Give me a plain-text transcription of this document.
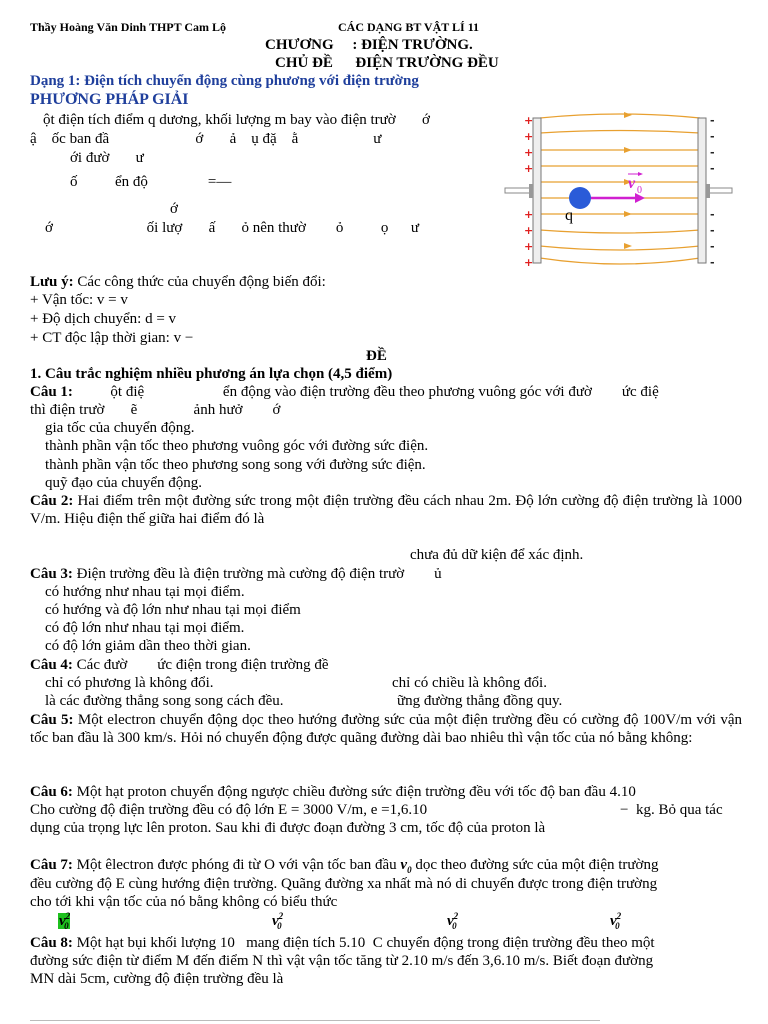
Thầy Hoàng Văn Dinh THPT Cam Lộ	CÁC DẠNG BT VẬT LÍ 11
CHƯƠNG     : ĐIỆN TRƯỜNG.
CHỦ ĐỀ      ĐIỆN TRƯỜNG ĐỀU
Dạng 1: Điện tích chuyển động cùng phương với điện trường
PHƯƠNG PHÁP GIẢI
ột điện tích điểm q dương, khối lượng m bay vào điện trườ       ớ
ậ    ốc ban đầ                       ớ       ả    ụ đặ    ằ                    ư
ới đườ       ư
ố          ển độ                =—
ớ
ớ                         ối lượ       ấ       ỏ nên thườ        ỏ          ọ      ư
+
+
+
+
+
+
+
+
-
-
-
-
-
-
-
-
q
v 0
Lưu ý: Các công thức của chuyển động biến đổi:
+ Vận tốc: v = v
+ Độ dịch chuyển: d = v
+ CT độc lập thời gian: v −
ĐỀ
1. Câu trắc nghiệm nhiều phương án lựa chọn (4,5 điểm)
Câu 1:	ột điệ                     ển động vào điện trường đều theo phương vuông góc với đườ        ức điệ
thì điện trườ       ẽ               ảnh hưở        ớ
gia tốc của chuyển động.
thành phần vận tốc theo phương vuông góc với đường sức điện.
thành phần vận tốc theo phương song song với đường sức điện.
quỹ đạo của chuyển động.
Câu 2: Hai điểm trên một đường sức trong một điện trường đều cách nhau 2m. Độ lớn cường độ điện trường là 1000 V/m. Hiệu điện thế giữa hai điểm đó là
chưa đủ dữ kiện để xác định.
Câu 3: Điện trường đều là điện trường mà cường độ điện trườ        ủ
có hướng như nhau tại mọi điểm.
có hướng và độ lớn như nhau tại mọi điểm
có độ lớn như nhau tại mọi điểm.
có độ lớn giảm dần theo thời gian.
Câu 4: Các đườ        ức điện trong điện trường đề
chỉ có phương là không đổi.	chỉ có chiều là không đổi.
là các đường thẳng song song cách đều.	ững đường thẳng đồng quy.
Câu 5: Một electron chuyển động dọc theo hướng đường sức của một điện trường đều có cường độ 100V/m với vận tốc ban đầu là 300 km/s. Hỏi nó chuyển động được quãng đường dài bao nhiêu thì vận tốc của nó bằng không:
Câu 6: Một hạt proton chuyển động ngược chiều đường sức điện trường đều với tốc độ ban đầu 4.10
Cho cường độ điện trường đều có độ lớn E = 3000 V/m, e =1,6.10	−  kg. Bỏ qua tác
dụng của trọng lực lên proton. Sau khi đi được đoạn đường 3 cm, tốc độ của proton là
Câu 7: Một êlectron được phóng đi từ O với vận tốc ban đầu $v_0$ dọc theo đường sức của một điện trường
đều cường độ E cùng hướng điện trường. Quãng đường xa nhất mà nó di chuyển được trong điện trường
cho tới khi vận tốc của nó bằng không có biểu thức
$v^2_0$	$v^2_0$	$v^2_0$	$v^2_0$
Câu 8: Một hạt bụi khối lượng 10   mang điện tích 5.10  C chuyển động trong điện trường đều theo một
đường sức điện từ điểm M đến điểm N thì vật vận tốc tăng từ 2.10 m/s đến 3,6.10 m/s. Biết đoạn đường
MN dài 5cm, cường độ điện trường đều là
